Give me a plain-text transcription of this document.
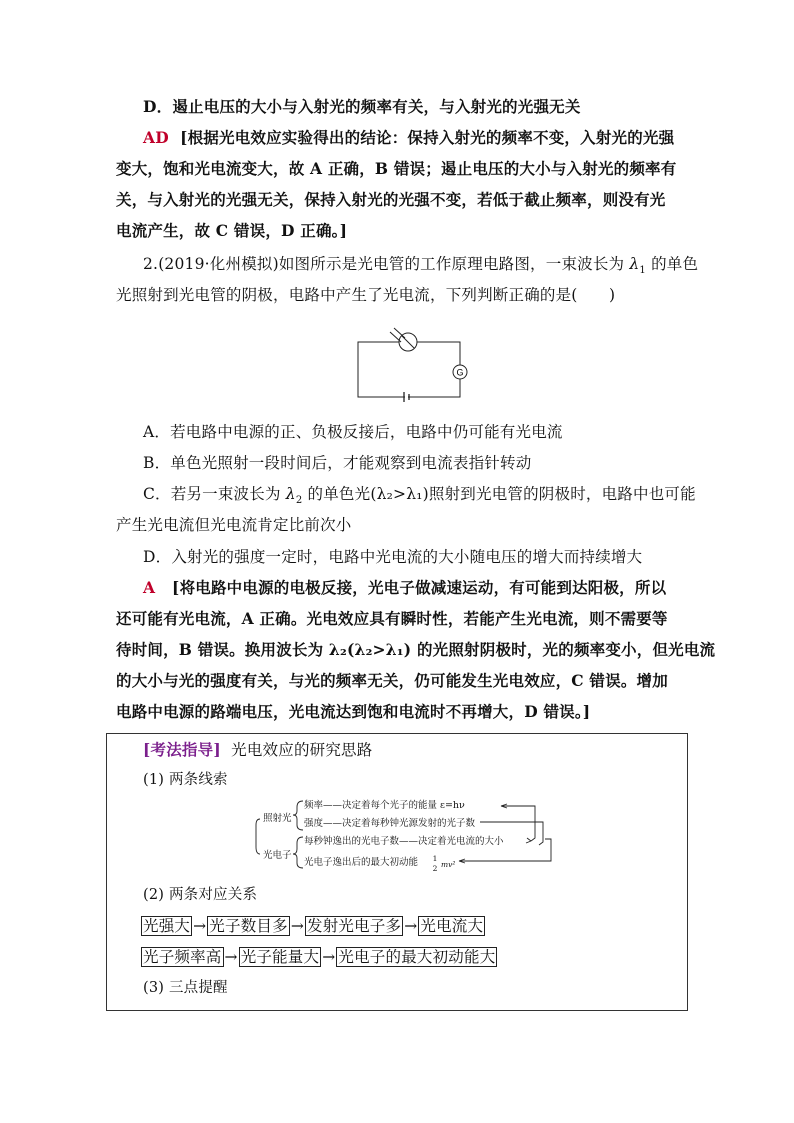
D．遏止电压的大小与入射光的频率有关，与入射光的光强无关
AD [根据光电效应实验得出的结论：保持入射光的频率不变，入射光的光强
变大，饱和光电流变大，故 A 正确，B 错误；遏止电压的大小与入射光的频率有
关，与入射光的光强无关，保持入射光的光强不变，若低于截止频率，则没有光
电流产生，故 C 错误，D 正确。]
2.(2019·化州模拟)如图所示是光电管的工作原理电路图，一束波长为 $\lambda_1$ 的单色
光照射到光电管的阴极，电路中产生了光电流，下列判断正确的是(　　)
G
A．若电路中电源的正、负极反接后，电路中仍可能有光电流
B．单色光照射一段时间后，才能观察到电流表指针转动
C．若另一束波长为 $\lambda_2$ 的单色光(λ₂>λ₁)照射到光电管的阴极时，电路中也可能
产生光电流但光电流肯定比前次小
D．入射光的强度一定时，电路中光电流的大小随电压的增大而持续增大
A [将电路中电源的电极反接，光电子做减速运动，有可能到达阳极，所以
还可能有光电流，A 正确。光电效应具有瞬时性，若能产生光电流，则不需要等
待时间，B 错误。换用波长为 λ₂(λ₂>λ₁) 的光照射阴极时，光的频率变小，但光电流
的大小与光的强度有关，与光的频率无关，仍可能发生光电效应，C 错误。增加
电路中电源的路端电压，光电流达到饱和电流时不再增大，D 错误。]
[考法指导] 光电效应的研究思路
(1) 两条线索
照射光
光电子
频率——决定着每个光子的能量 ε=hν
强度——决定着每秒钟光源发射的光子数
每秒钟逸出的光电子数——决定着光电流的大小
光电子逸出后的最大初动能 1
2 mv²
(2) 两条对应关系
光强大 → 光子数目多 → 发射光电子多 → 光电流大
光子频率高 → 光子能量大 → 光电子的最大初动能大
(3) 三点提醒
